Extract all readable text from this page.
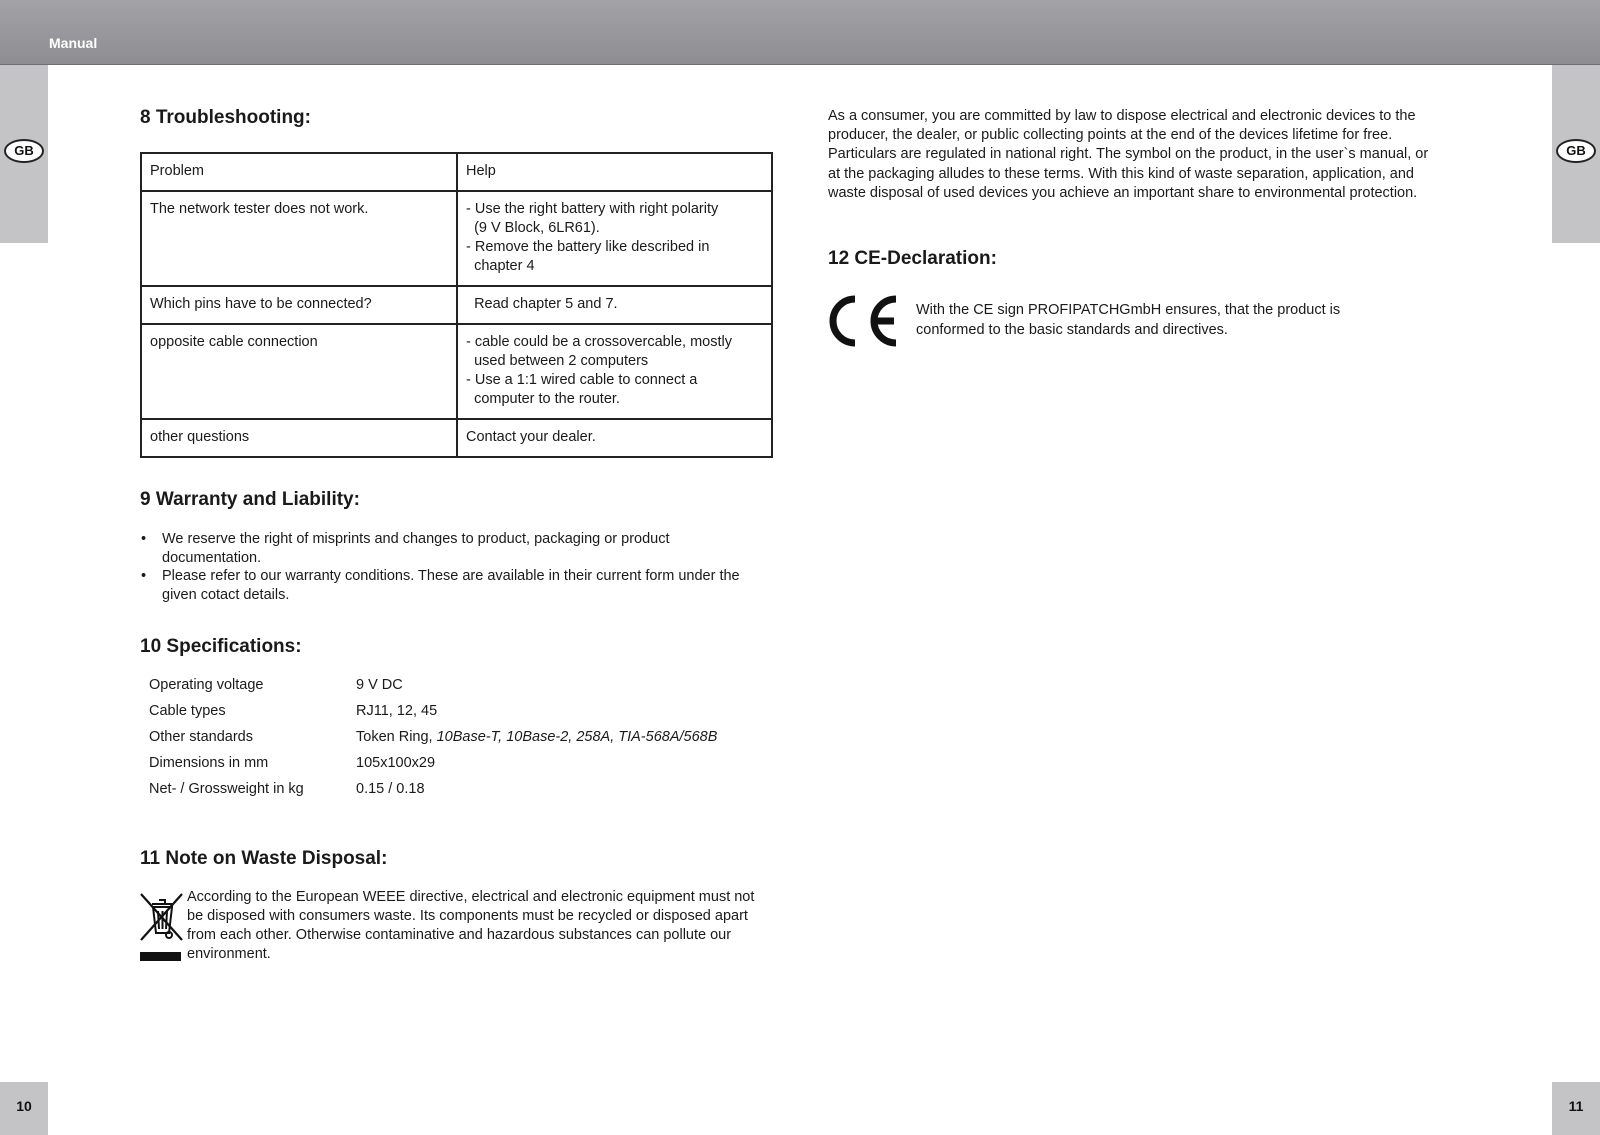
Manual
GB	GB
10	11
8 Troubleshooting:
Problem	Help
The network tester does not work.	- Use the right battery with right polarity
(9 V Block, 6LR61).
- Remove the battery like described in
chapter 4

Which pins have to be connected?	Read chapter 5 and 7.

opposite cable connection	- cable could be a crossovercable, mostly
used between 2 computers
- Use a 1:1 wired cable to connect a
computer to the router.

other questions	Contact your dealer.
9 Warranty and Liability:
• We reserve the right of misprints and changes to product, packaging or product documentation.
• Please refer to our warranty conditions. These are available in their current form under the given cotact details.
10 Specifications:
Operating voltage	9 V DC
Cable types	RJ11, 12, 45
Other standards	Token Ring, 10Base-T, 10Base-2, 258A, TIA-568A/568B
Dimensions in mm	105x100x29
Net- / Grossweight in kg	0.15 / 0.18
11 Note on Waste Disposal:
According to the European WEEE directive, electrical and electronic equipment must not be disposed with consumers waste. Its components must be recycled or disposed apart from each other. Otherwise contaminative and hazardous substances can pollute our environment.
As a consumer, you are committed by law to dispose electrical and electronic devices to the producer, the dealer, or public collecting points at the end of the devices lifetime for free. Particulars are regulated in national right. The symbol on the product, in the user`s manual, or at the packaging alludes to these terms. With this kind of waste separation, application, and waste disposal of used devices you achieve an important share to environmental protection.
12 CE-Declaration:
With the CE sign PROFIPATCHGmbH ensures, that the product is conformed to the basic standards and directives.
